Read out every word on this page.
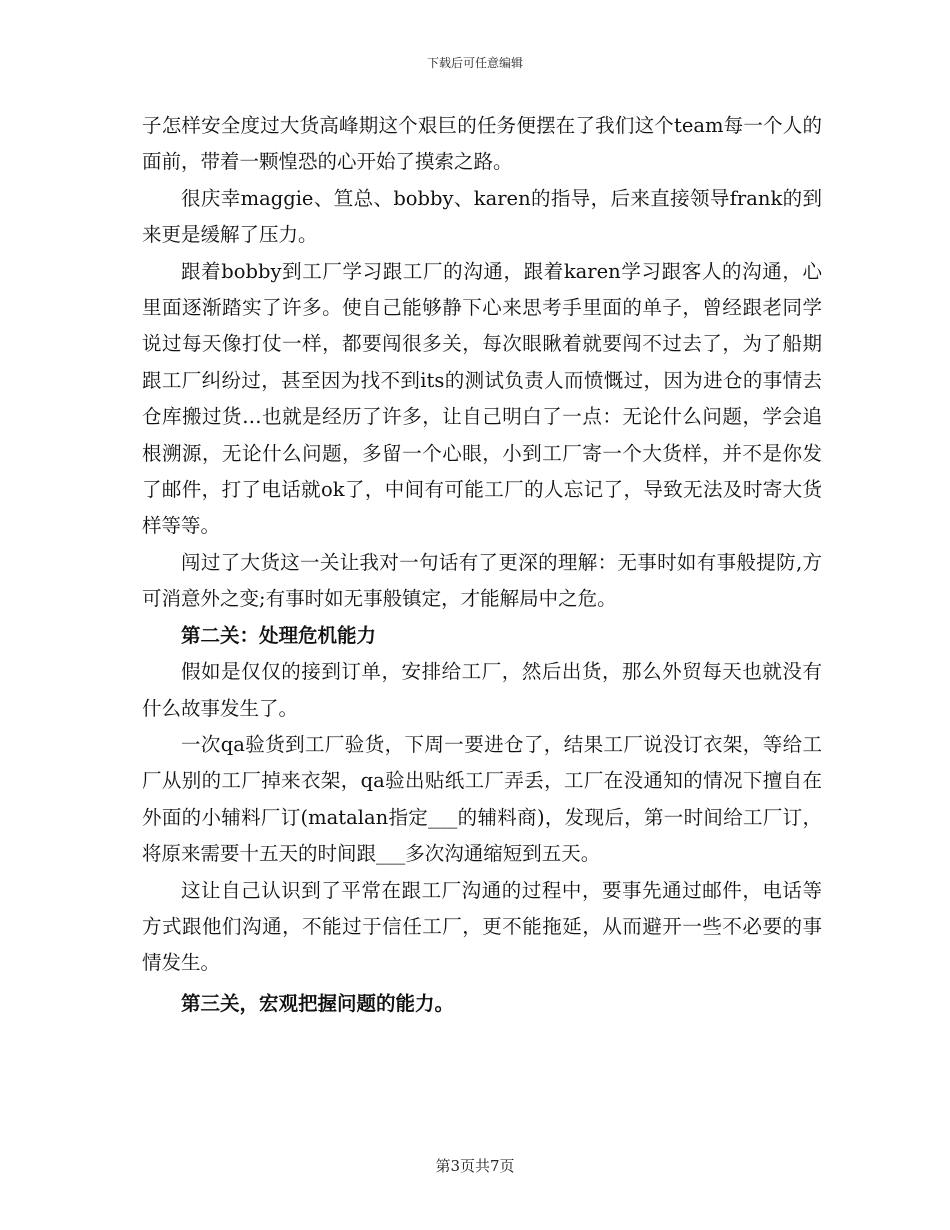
下载后可任意编辑

子怎样安全度过大货高峰期这个艰巨的任务便摆在了我们这个team每一个人的面前，带着一颗惶恐的心开始了摸索之路。

很庆幸maggie、笪总、bobby、karen的指导，后来直接领导frank的到来更是缓解了压力。

跟着bobby到工厂学习跟工厂的沟通，跟着karen学习跟客人的沟通，心里面逐渐踏实了许多。使自己能够静下心来思考手里面的单子，曾经跟老同学说过每天像打仗一样，都要闯很多关，每次眼瞅着就要闯不过去了，为了船期跟工厂纠纷过，甚至因为找不到its的测试负责人而愤慨过，因为进仓的事情去仓库搬过货…也就是经历了许多，让自己明白了一点：无论什么问题，学会追根溯源，无论什么问题，多留一个心眼，小到工厂寄一个大货样，并不是你发了邮件，打了电话就ok了，中间有可能工厂的人忘记了，导致无法及时寄大货样等等。

闯过了大货这一关让我对一句话有了更深的理解：无事时如有事般提防,方可消意外之变;有事时如无事般镇定，才能解局中之危。

第二关：处理危机能力

假如是仅仅的接到订单，安排给工厂，然后出货，那么外贸每天也就没有什么故事发生了。

一次qa验货到工厂验货，下周一要进仓了，结果工厂说没订衣架，等给工厂从别的工厂掉来衣架，qa验出贴纸工厂弄丢，工厂在没通知的情况下擅自在外面的小辅料厂订(matalan指定___的辅料商)，发现后，第一时间给工厂订，将原来需要十五天的时间跟___多次沟通缩短到五天。

这让自己认识到了平常在跟工厂沟通的过程中，要事先通过邮件，电话等方式跟他们沟通，不能过于信任工厂，更不能拖延，从而避开一些不必要的事情发生。

第三关，宏观把握问题的能力。

第3页共7页
